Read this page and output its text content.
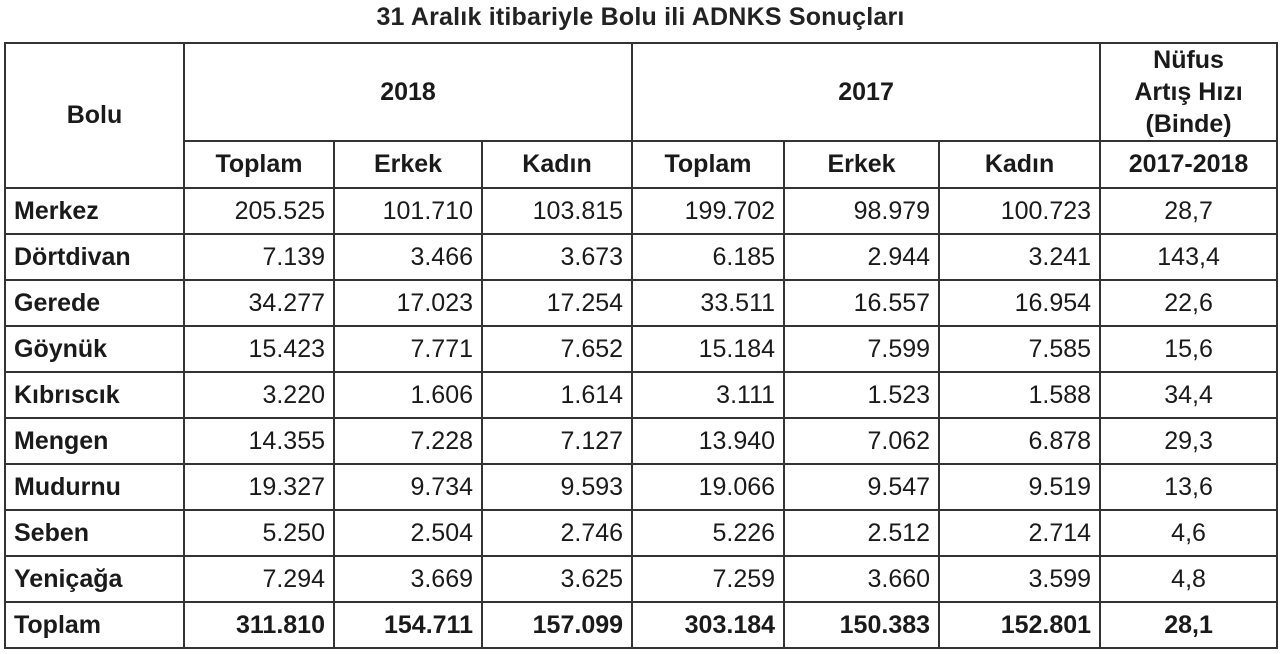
31 Aralık itibariyle Bolu ili ADNKS Sonuçları
Bolu	2018			2017			Nüfus
Artış Hızı
(Binde)

	Toplam	Erkek	Kadın	Toplam	Erkek	Kadın	2017-2018
Merkez	205.525	101.710	103.815	199.702	98.979	100.723	28,7
Dörtdivan	7.139	3.466	3.673	6.185	2.944	3.241	143,4
Gerede	34.277	17.023	17.254	33.511	16.557	16.954	22,6
Göynük	15.423	7.771	7.652	15.184	7.599	7.585	15,6
Kıbrıscık	3.220	1.606	1.614	3.111	1.523	1.588	34,4
Mengen	14.355	7.228	7.127	13.940	7.062	6.878	29,3
Mudurnu	19.327	9.734	9.593	19.066	9.547	9.519	13,6
Seben	5.250	2.504	2.746	5.226	2.512	2.714	4,6
Yeniçağa	7.294	3.669	3.625	7.259	3.660	3.599	4,8
Toplam	311.810	154.711	157.099	303.184	150.383	152.801	28,1
